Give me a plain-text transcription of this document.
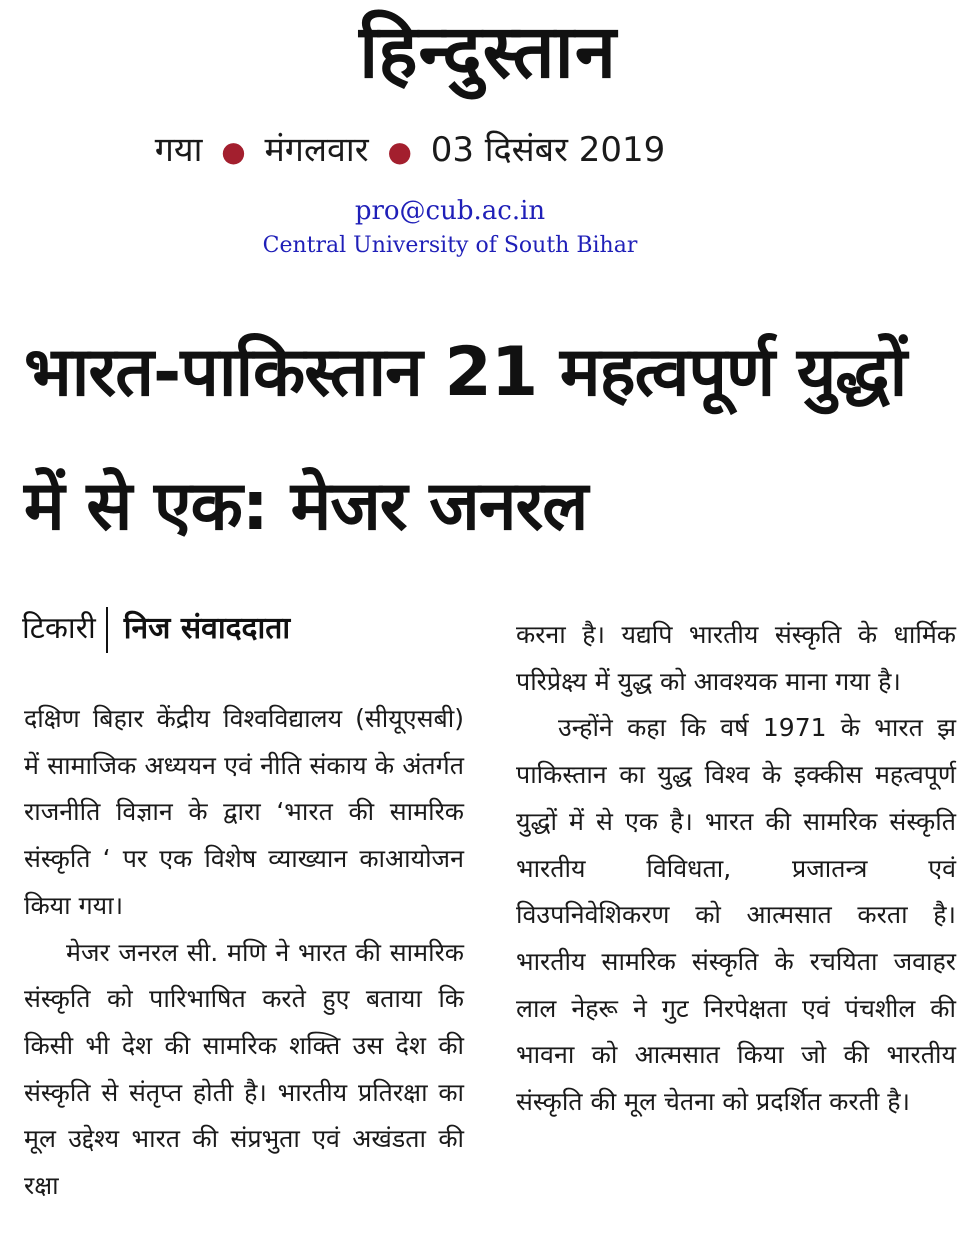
हिन्दुस्तान
गया ● मंगलवार ● 03 दिसंबर 2019
pro@cub.ac.in
Central University of South Bihar
भारत-पाकिस्तान 21 महत्वपूर्ण युद्धों में से एक: मेजर जनरल
टिकारी निज संवाददाता

दक्षिण बिहार केंद्रीय विश्वविद्यालय (सीयूएसबी) में सामाजिक अध्ययन एवं नीति संकाय के अंतर्गत राजनीति विज्ञान के द्वारा ‘भारत की सामरिक संस्कृति ‘ पर एक विशेष व्याख्यान काआयोजन किया गया।

मेजर जनरल सी. मणि ने भारत की सामरिक संस्कृति को पारिभाषित करते हुए बताया कि किसी भी देश की सामरिक शक्ति उस देश की संस्कृति से संतृप्त होती है। भारतीय प्रतिरक्षा का मूल उद्देश्य भारत की संप्रभुता एवं अखंडता की रक्षा

करना है। यद्यपि भारतीय संस्कृति के धार्मिक परिप्रेक्ष्य में युद्ध को आवश्यक माना गया है।

उन्होंने कहा कि वर्ष 1971 के भारत झ पाकिस्तान का युद्ध विश्व के इक्कीस महत्वपूर्ण युद्धों में से एक है। भारत की सामरिक संस्कृति भारतीय विविधता, प्रजातन्त्र एवं विउपनिवेशिकरण को आत्मसात करता है। भारतीय सामरिक संस्कृति के रचयिता जवाहर लाल नेहरू ने गुट निरपेक्षता एवं पंचशील की भावना को आत्मसात किया जो की भारतीय संस्कृति की मूल चेतना को प्रदर्शित करती है।
